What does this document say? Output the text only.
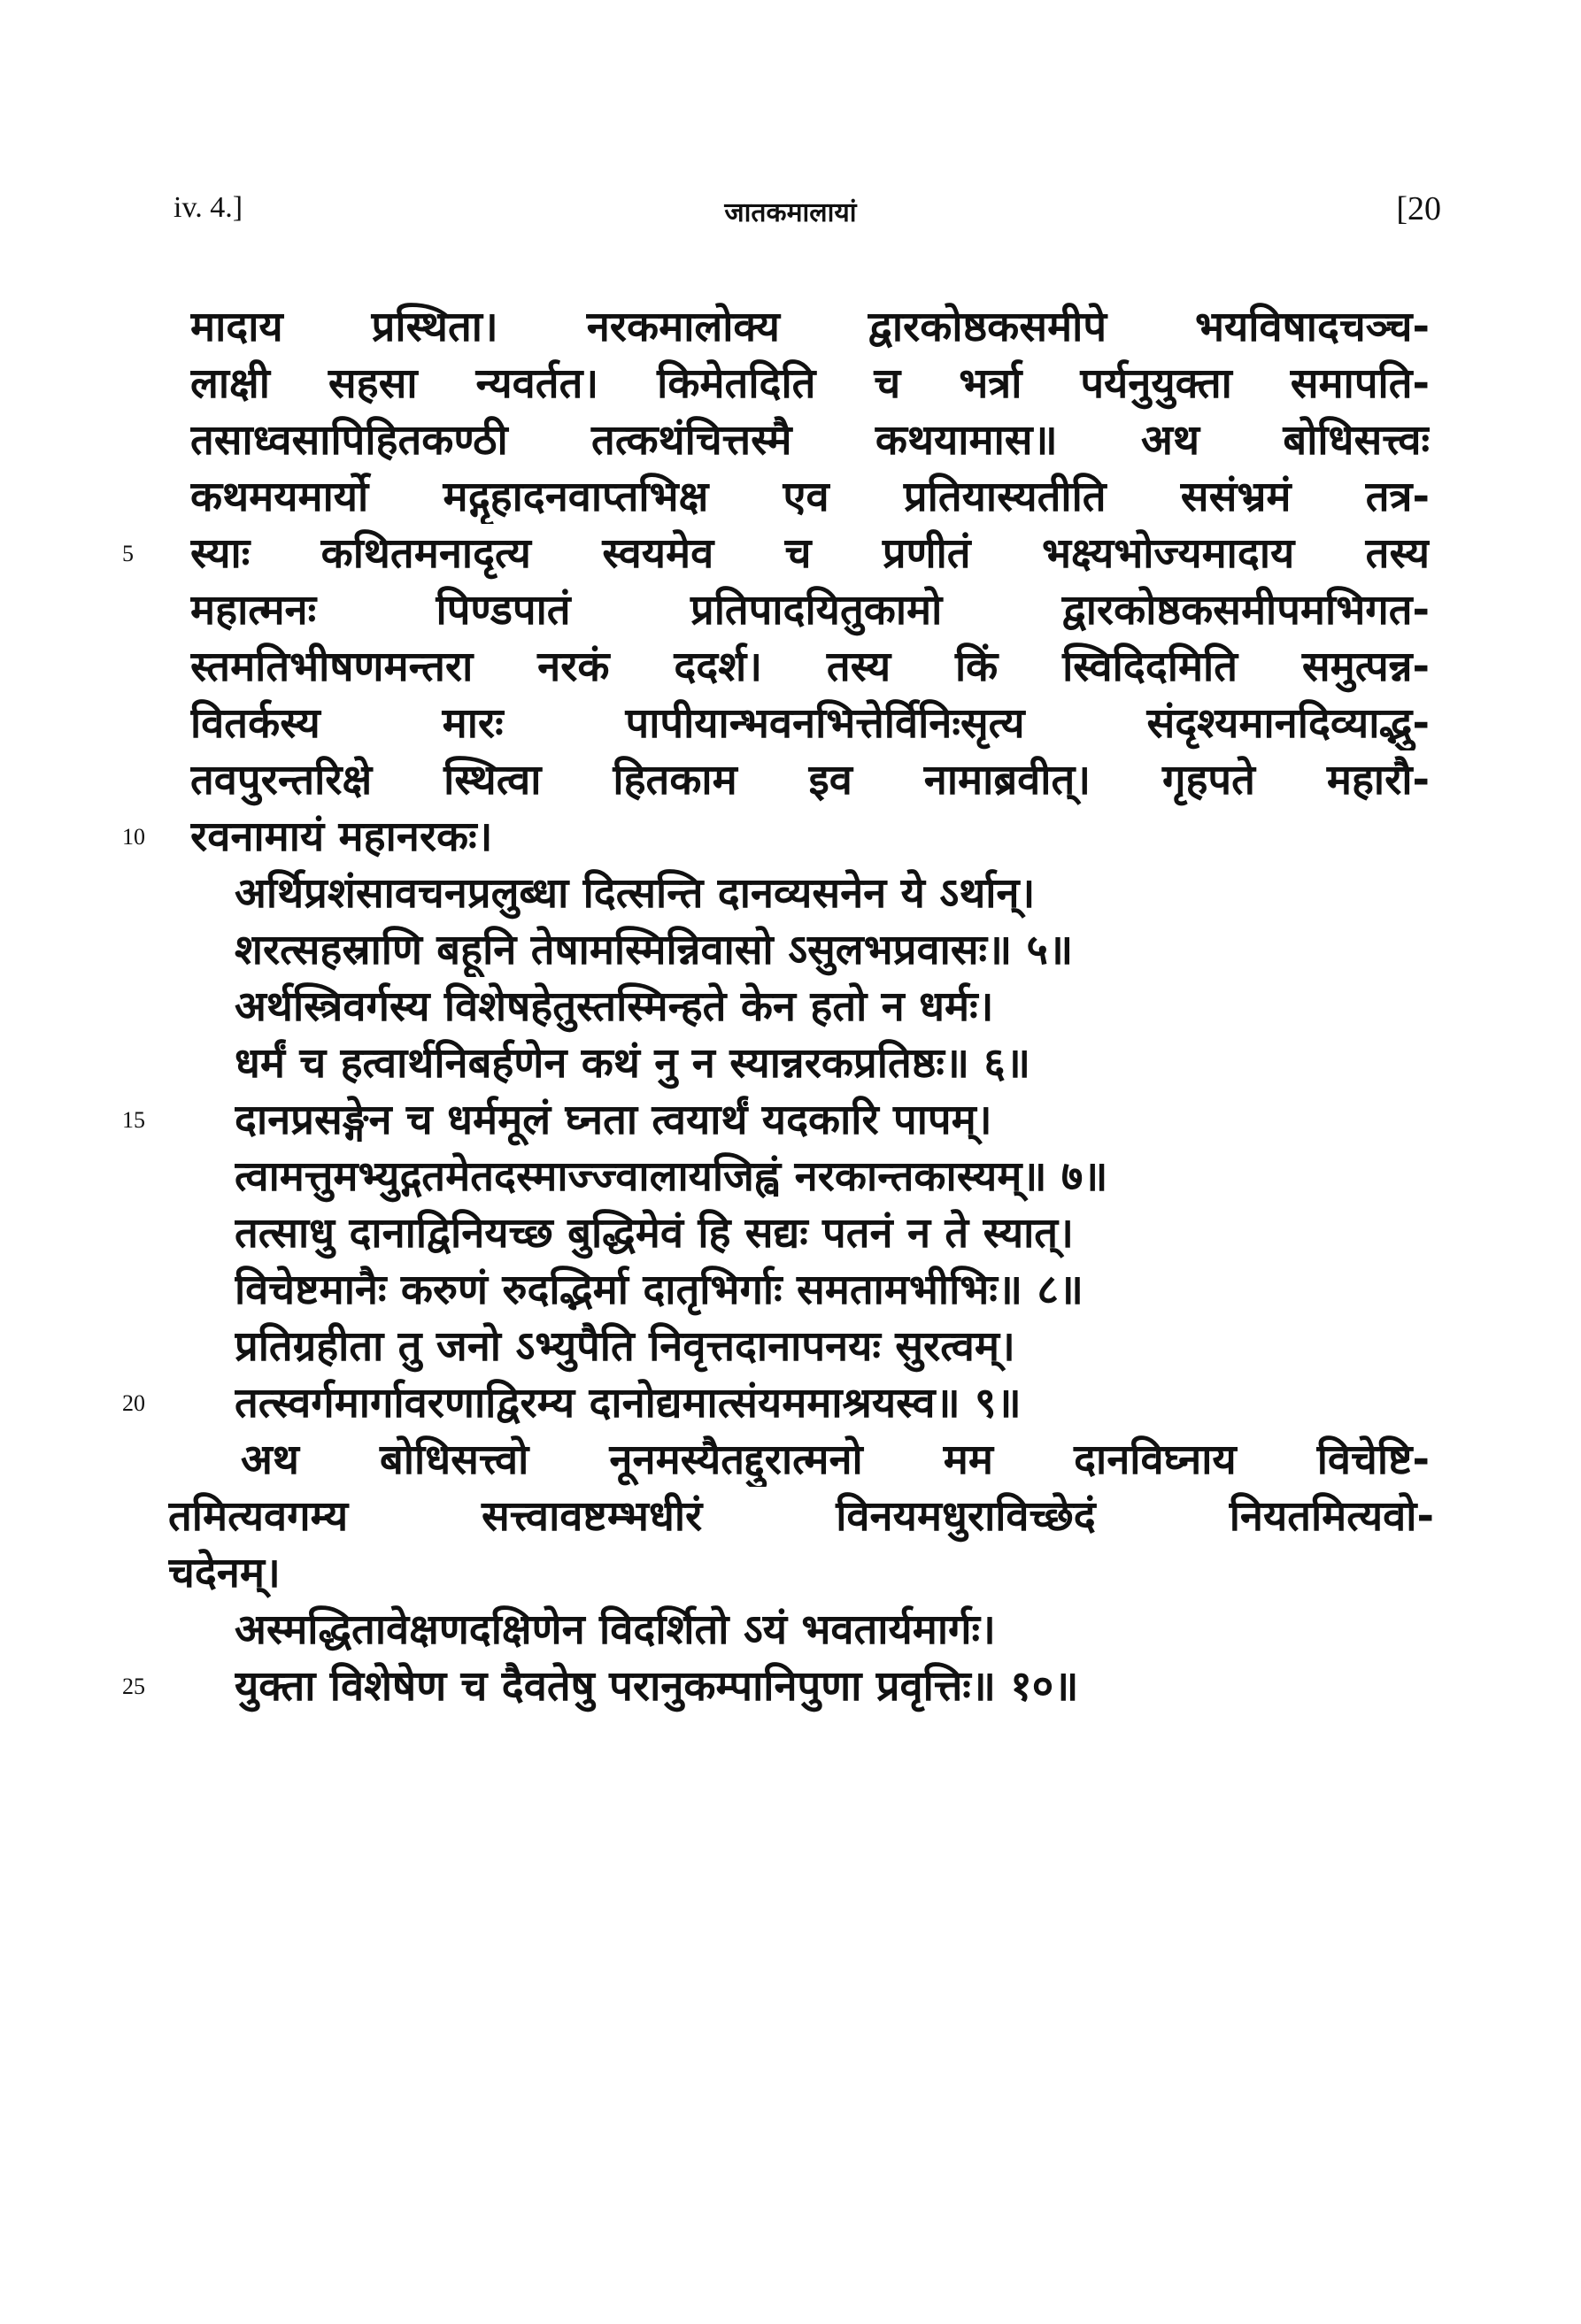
iv. 4.]	जातकमालायां	[20
मादाय प्रस्थिता। नरकमालोक्य द्वारकोष्ठकसमीपे भयविषादचञ्च-
लाक्षी सहसा न्यवर्तत। किमेतदिति च भर्त्रा पर्यनुयुक्ता समापति-
तसाध्वसापिहितकण्ठी तत्कथंचित्तस्मै कथयामास॥ अथ बोधिसत्त्वः
कथमयमार्यो मद्गृहादनवाप्तभिक्ष एव प्रतियास्यतीति ससंभ्रमं तत्र-
स्याः कथितमनादृत्य स्वयमेव च प्रणीतं भक्ष्यभोज्यमादाय तस्य
महात्मनः पिण्डपातं प्रतिपादयितुकामो द्वारकोष्ठकसमीपमभिगत-
स्तमतिभीषणमन्तरा नरकं ददर्श। तस्य किं स्विदिदमिति समुत्पन्न-
वितर्कस्य मारः पापीयान्भवनभित्तेर्विनिःसृत्य संदृश्यमानदिव्याद्भु-
तवपुरन्तरिक्षे स्थित्वा हितकाम इव नामाब्रवीत्। गृहपते महारौ-
रवनामायं महानरकः।
अर्थिप्रशंसावचनप्रलुब्धा दित्सन्ति दानव्यसनेन ये ऽर्थान्।
शरत्सहस्राणि बहूनि तेषामस्मिन्निवासो ऽसुलभप्रवासः॥ ५॥
अर्थस्त्रिवर्गस्य विशेषहेतुस्तस्मिन्हते केन हतो न धर्मः।
धर्मं च हत्वार्थनिबर्हणेन कथं नु न स्यान्नरकप्रतिष्ठः॥ ६॥
दानप्रसङ्गेन च धर्ममूलं घ्नता त्वयार्थं यदकारि पापम्।
त्वामत्तुमभ्युद्गतमेतदस्माज्ज्वालायजिह्वं नरकान्तकास्यम्॥ ७॥
तत्साधु दानाद्विनियच्छ बुद्धिमेवं हि सद्यः पतनं न ते स्यात्।
विचेष्टमानैः करुणं रुदद्भिर्मा दातृभिर्गाः समतामभीभिः॥ ८॥
प्रतिग्रहीता तु जनो ऽभ्युपैति निवृत्तदानापनयः सुरत्वम्।
तत्स्वर्गमार्गावरणाद्विरम्य दानोद्यमात्संयममाश्रयस्व॥ ९॥
अथ बोधिसत्त्वो नूनमस्यैतद्दुरात्मनो मम दानविघ्नाय विचेष्टि-
तमित्यवगम्य सत्त्वावष्टम्भधीरं विनयमधुराविच्छेदं नियतमित्यवो-
चदेनम्।
अस्मद्धितावेक्षणदक्षिणेन विदर्शितो ऽयं भवतार्यमार्गः।
युक्ता विशेषेण च दैवतेषु परानुकम्पानिपुणा प्रवृत्तिः॥ १०॥
5
10
15
20
25
